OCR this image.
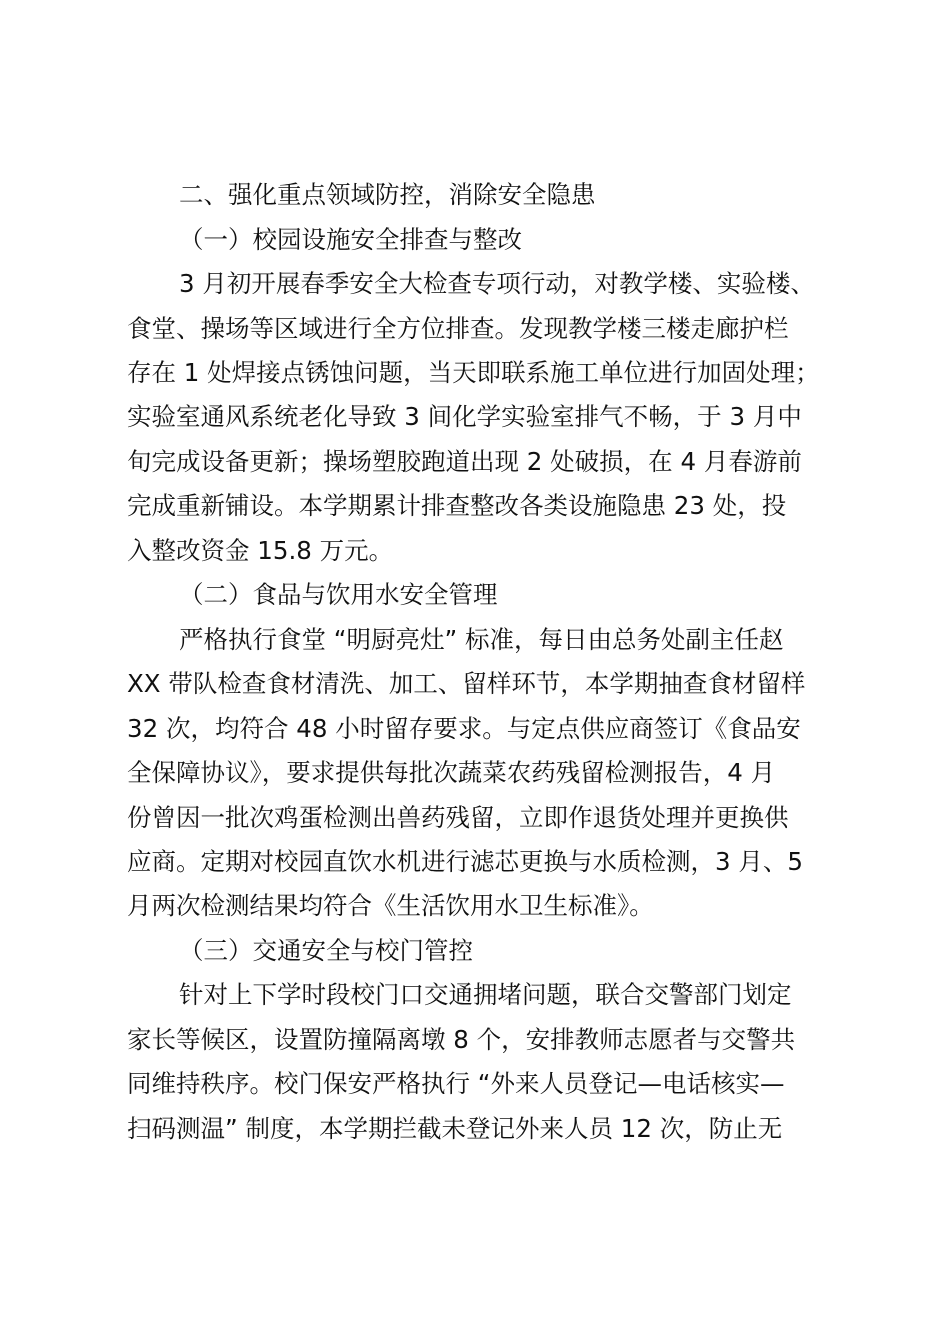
二、强化重点领域防控，消除安全隐患
（一）校园设施安全排查与整改
3 月初开展春季安全大检查专项行动，对教学楼、实验楼、
食堂、操场等区域进行全方位排查。发现教学楼三楼走廊护栏
存在 1 处焊接点锈蚀问题，当天即联系施工单位进行加固处理；
实验室通风系统老化导致 3 间化学实验室排气不畅，于 3 月中
旬完成设备更新；操场塑胶跑道出现 2 处破损，在 4 月春游前
完成重新铺设。本学期累计排查整改各类设施隐患 23 处，投
入整改资金 15.8 万元。
（二）食品与饮用水安全管理
严格执行食堂 “明厨亮灶” 标准，每日由总务处副主任赵
XX 带队检查食材清洗、加工、留样环节，本学期抽查食材留样
32 次，均符合 48 小时留存要求。与定点供应商签订《食品安
全保障协议》，要求提供每批次蔬菜农药残留检测报告，4 月
份曾因一批次鸡蛋检测出兽药残留，立即作退货处理并更换供
应商。定期对校园直饮水机进行滤芯更换与水质检测，3 月、5
月两次检测结果均符合《生活饮用水卫生标准》。
（三）交通安全与校门管控
针对上下学时段校门口交通拥堵问题，联合交警部门划定
家长等候区，设置防撞隔离墩 8 个，安排教师志愿者与交警共
同维持秩序。校门保安严格执行 “外来人员登记—电话核实—
扫码测温” 制度，本学期拦截未登记外来人员 12 次，防止无
